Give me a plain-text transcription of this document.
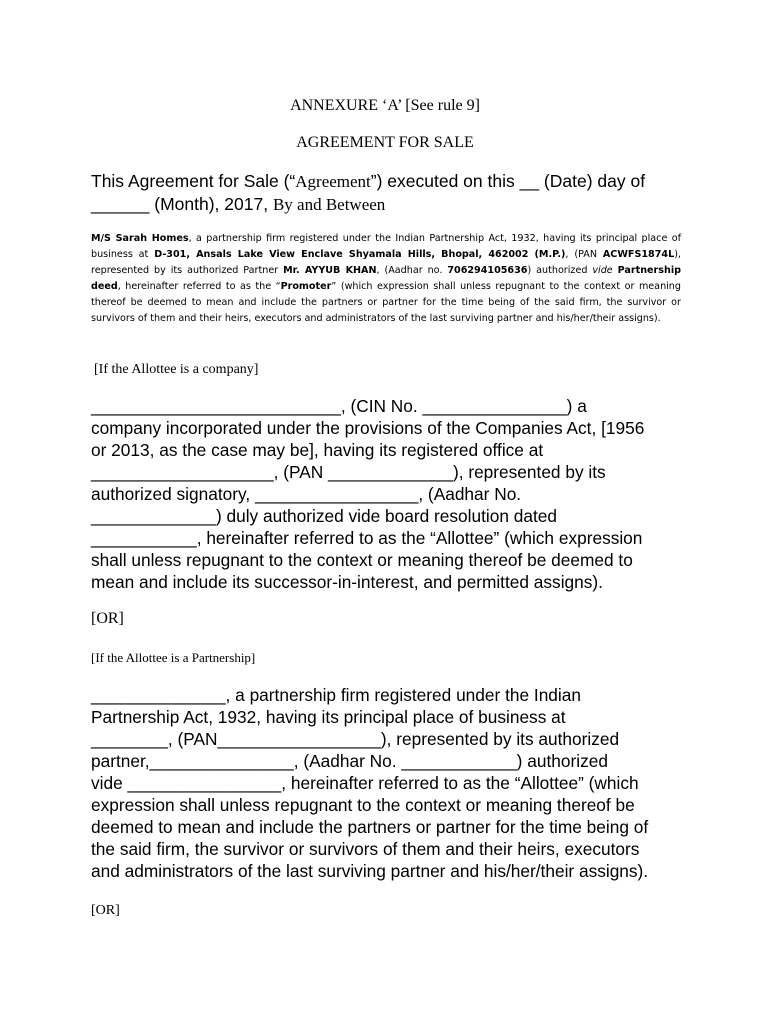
ANNEXURE ‘A’ [See rule 9]
AGREEMENT FOR SALE
This Agreement for Sale (“Agreement”) executed on this __ (Date) day of
______ (Month), 2017, By and Between
M/S Sarah Homes, a partnership firm registered under the Indian Partnership Act, 1932, having its principal place of business at D-301, Ansals Lake View Enclave Shyamala Hills, Bhopal, 462002 (M.P.), (PAN ACWFS1874L), represented by its authorized Partner Mr. AYYUB KHAN, (Aadhar no. 706294105636) authorized vide Partnership deed, hereinafter referred to as the “Promoter” (which expression shall unless repugnant to the context or meaning thereof be deemed to mean and include the partners or partner for the time being of the said firm, the survivor or survivors of them and their heirs, executors and administrators of the last surviving partner and his/her/their assigns).
[If the Allottee is a company]
__________________________, (CIN No. _______________) a
company incorporated under the provisions of the Companies Act, [1956
or 2013, as the case may be], having its registered office at
___________________, (PAN _____________), represented by its
authorized signatory, _________________, (Aadhar No.
_____________) duly authorized vide board resolution dated
___________, hereinafter referred to as the “Allottee” (which expression
shall unless repugnant to the context or meaning thereof be deemed to
mean and include its successor-in-interest, and permitted assigns).
[OR]
[If the Allottee is a Partnership]
______________, a partnership firm registered under the Indian
Partnership Act, 1932, having its principal place of business at
________, (PAN_________________), represented by its authorized
partner,_______________, (Aadhar No. ____________) authorized
vide ________________, hereinafter referred to as the “Allottee” (which
expression shall unless repugnant to the context or meaning thereof be
deemed to mean and include the partners or partner for the time being of
the said firm, the survivor or survivors of them and their heirs, executors
and administrators of the last surviving partner and his/her/their assigns).
[OR]
